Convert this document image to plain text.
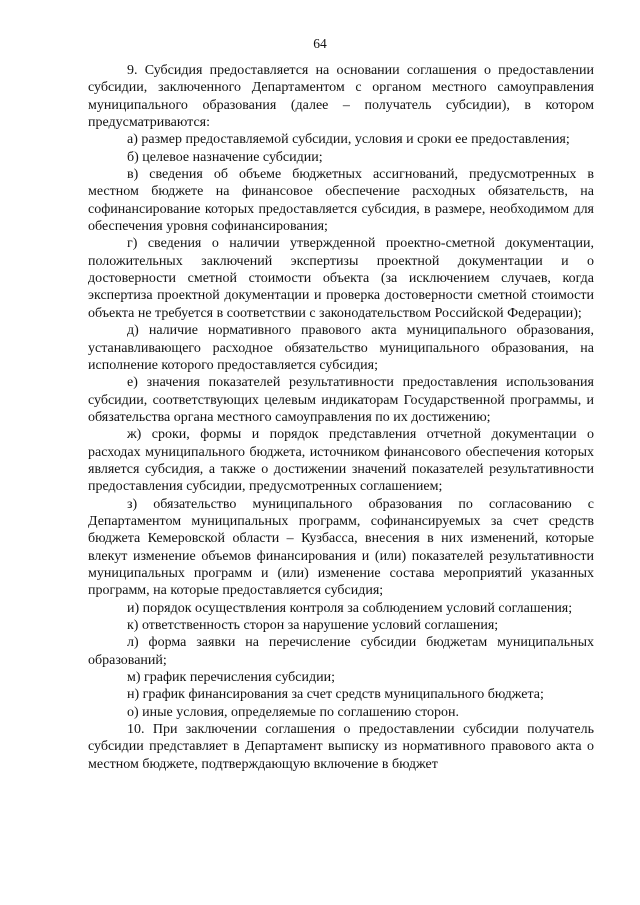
64

9. Субсидия предоставляется на основании соглашения о предоставлении субсидии, заключенного Департаментом с органом местного самоуправления муниципального образования (далее – получатель субсидии), в котором предусматриваются:

а) размер предоставляемой субсидии, условия и сроки ее предоставления;

б) целевое назначение субсидии;

в) сведения об объеме бюджетных ассигнований, предусмотренных в местном бюджете на финансовое обеспечение расходных обязательств, на софинансирование которых предоставляется субсидия, в размере, необходимом для обеспечения уровня софинансирования;

г) сведения о наличии утвержденной проектно-сметной документации, положительных заключений экспертизы проектной документации и о достоверности сметной стоимости объекта (за исключением случаев, когда экспертиза проектной документации и проверка достоверности сметной стоимости объекта не требуется в соответствии с законодательством Российской Федерации);

д) наличие нормативного правового акта муниципального образования, устанавливающего расходное обязательство муниципального образования, на исполнение которого предоставляется субсидия;

е) значения показателей результативности предоставления использования субсидии, соответствующих целевым индикаторам Государственной программы, и обязательства органа местного самоуправления по их достижению;

ж) сроки, формы и порядок представления отчетной документации о расходах муниципального бюджета, источником финансового обеспечения которых является субсидия, а также о достижении значений показателей результативности предоставления субсидии, предусмотренных соглашением;

з) обязательство муниципального образования по согласованию с Департаментом муниципальных программ, софинансируемых за счет средств бюджета Кемеровской области – Кузбасса, внесения в них изменений, которые влекут изменение объемов финансирования и (или) показателей результативности муниципальных программ и (или) изменение состава мероприятий указанных программ, на которые предоставляется субсидия;

и) порядок осуществления контроля за соблюдением условий соглашения;

к) ответственность сторон за нарушение условий соглашения;

л) форма заявки на перечисление субсидии бюджетам муниципальных образований;

м) график перечисления субсидии;

н) график финансирования за счет средств муниципального бюджета;

о) иные условия, определяемые по соглашению сторон.

10. При заключении соглашения о предоставлении субсидии получатель субсидии представляет в Департамент выписку из нормативного правового акта о местном бюджете, подтверждающую включение в бюджет
